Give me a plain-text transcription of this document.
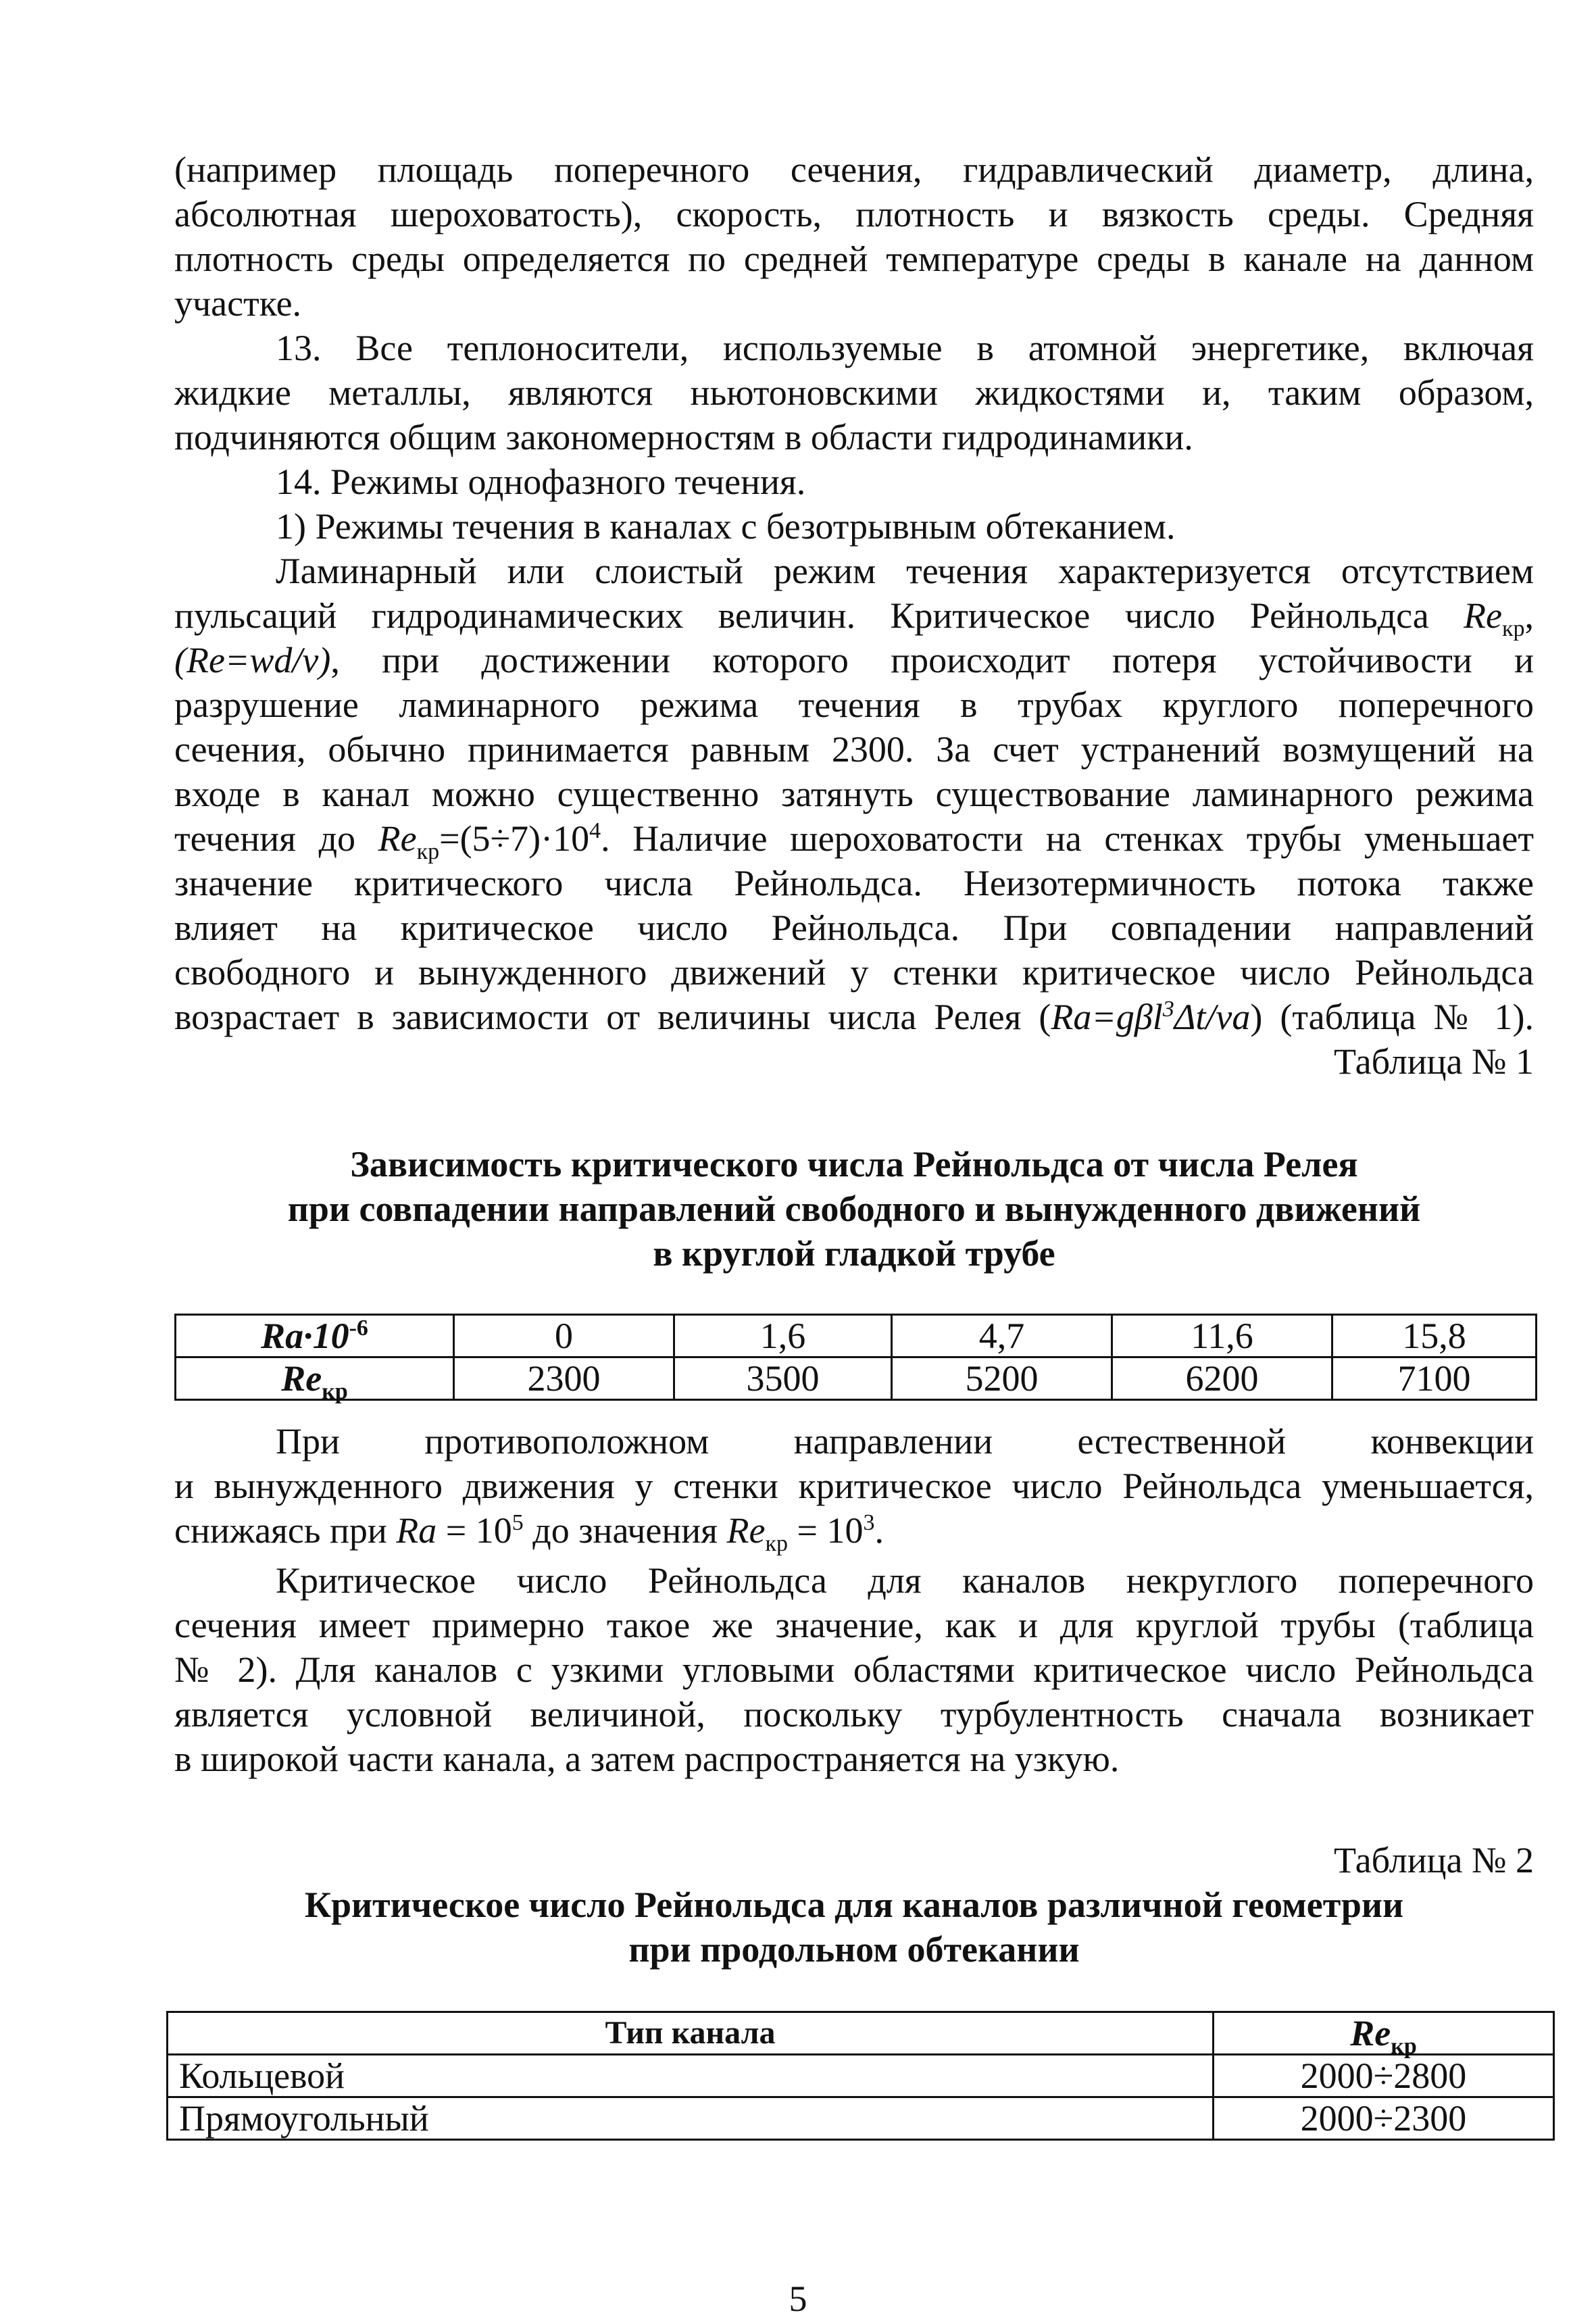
(например площадь поперечного сечения, гидравлический диаметр, длина,
абсолютная шероховатость), скорость, плотность и вязкость среды. Средняя
плотность среды определяется по средней температуре среды в канале на данном
участке.
13. Все теплоносители, используемые в атомной энергетике, включая
жидкие металлы, являются ньютоновскими жидкостями и, таким образом,
подчиняются общим закономерностям в области гидродинамики.
14. Режимы однофазного течения.
1) Режимы течения в каналах с безотрывным обтеканием.
Ламинарный или слоистый режим течения характеризуется отсутствием
пульсаций гидродинамических величин. Критическое число Рейнольдса $Re_{кр}$,
(Re=wd/ν), при достижении которого происходит потеря устойчивости и
разрушение ламинарного режима течения в трубах круглого поперечного
сечения, обычно принимается равным 2300. За счет устранений возмущений на
входе в канал можно существенно затянуть существование ламинарного режима
течения до $Re_{кр}=(5\div 7)\cdot 10^4$. Наличие шероховатости на стенках трубы уменьшает
значение критического числа Рейнольдса. Неизотермичность потока также
влияет на критическое число Рейнольдса. При совпадении направлений
свободного и вынужденного движений у стенки критическое число Рейнольдса
возрастает в зависимости от величины числа Релея (Ra=gβl$^3$Δt/νa) (таблица № 1).
Таблица № 1
Зависимость критического числа Рейнольдса от числа Релея
при совпадении направлений свободного и вынужденного движений
в круглой гладкой трубе
$Ra\cdot 10^{-6}$	0	1,6	4,7	11,6	15,8
$Re_{кр}$	2300	3500	5200	6200	7100
При противоположном направлении естественной конвекции
и вынужденного движения у стенки критическое число Рейнольдса уменьшается,
снижаясь при $Ra = 10^5$ до значения $Re_{кр} = 10^3$.
Критическое число Рейнольдса для каналов некруглого поперечного
сечения имеет примерно такое же значение, как и для круглой трубы (таблица
№ 2). Для каналов с узкими угловыми областями критическое число Рейнольдса
является условной величиной, поскольку турбулентность сначала возникает
в широкой части канала, а затем распространяется на узкую.
Таблица № 2
Критическое число Рейнольдса для каналов различной геометрии
при продольном обтекании
Тип канала	$Re_{кр}$
Кольцевой	2000÷2800
Прямоугольный	2000÷2300
5
